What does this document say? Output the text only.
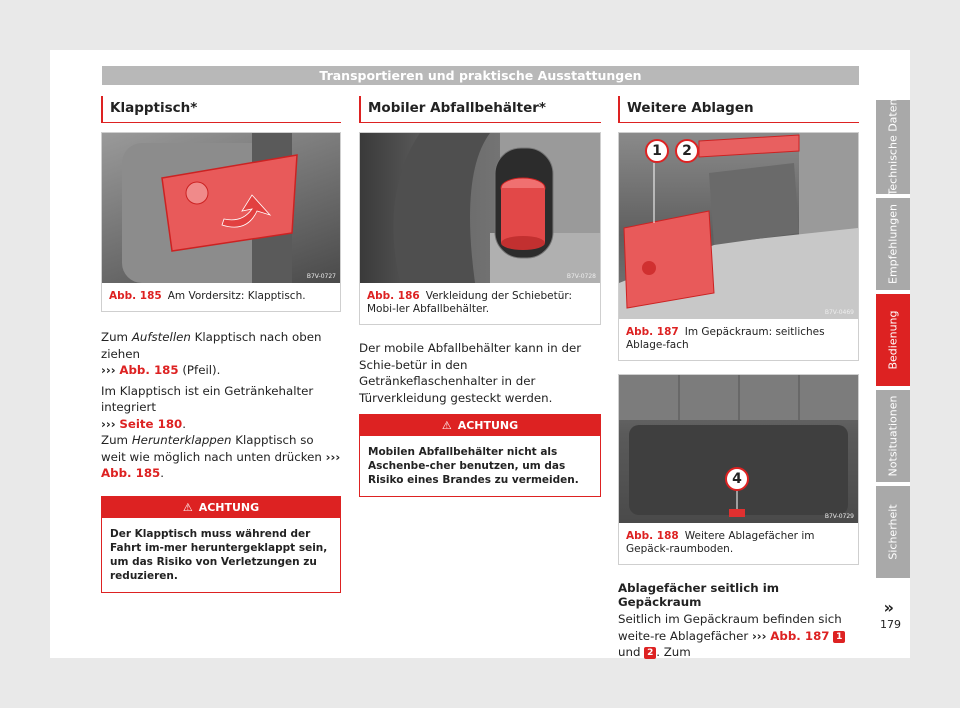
Transportieren und praktische Ausstattungen
Klapptisch*
B7V-0727
Abb. 185 Am Vordersitz: Klapptisch.

Zum Aufstellen Klapptisch nach oben ziehen
››› Abb. 185 (Pfeil).

Im Klapptisch ist ein Getränkehalter integriert
››› Seite 180.
Zum Herunterklappen Klapptisch so weit wie möglich nach unten drücken ››› Abb. 185.

⚠ ACHTUNG
Der Klapptisch muss während der Fahrt im-mer heruntergeklappt sein, um das Risiko von Verletzungen zu reduzieren.
Mobiler Abfallbehälter*
B7V-0728
Abb. 186 Verkleidung der Schiebetür: Mobi-ler Abfallbehälter.

Der mobile Abfallbehälter kann in der Schie-betür in den Getränkeflaschenhalter in der Türverkleidung gesteckt werden.

⚠ ACHTUNG
Mobilen Abfallbehälter nicht als Aschenbe-cher benutzen, um das Risiko eines Brandes zu vermeiden.
Weitere Ablagen
1	2
B7V-0469
Abb. 187 Im Gepäckraum: seitliches Ablage-fach
4
B7V-0729
Abb. 188 Weitere Ablagefächer im Gepäck-raumboden.
Ablagefächer seitlich im Gepäckraum

Seitlich im Gepäckraum befinden sich weite-re Ablagefächer ››› Abb. 187 1 und 2 . Zum

»
Technische Daten
Empfehlungen
Bedienung
Notsituationen
Sicherheit
179
